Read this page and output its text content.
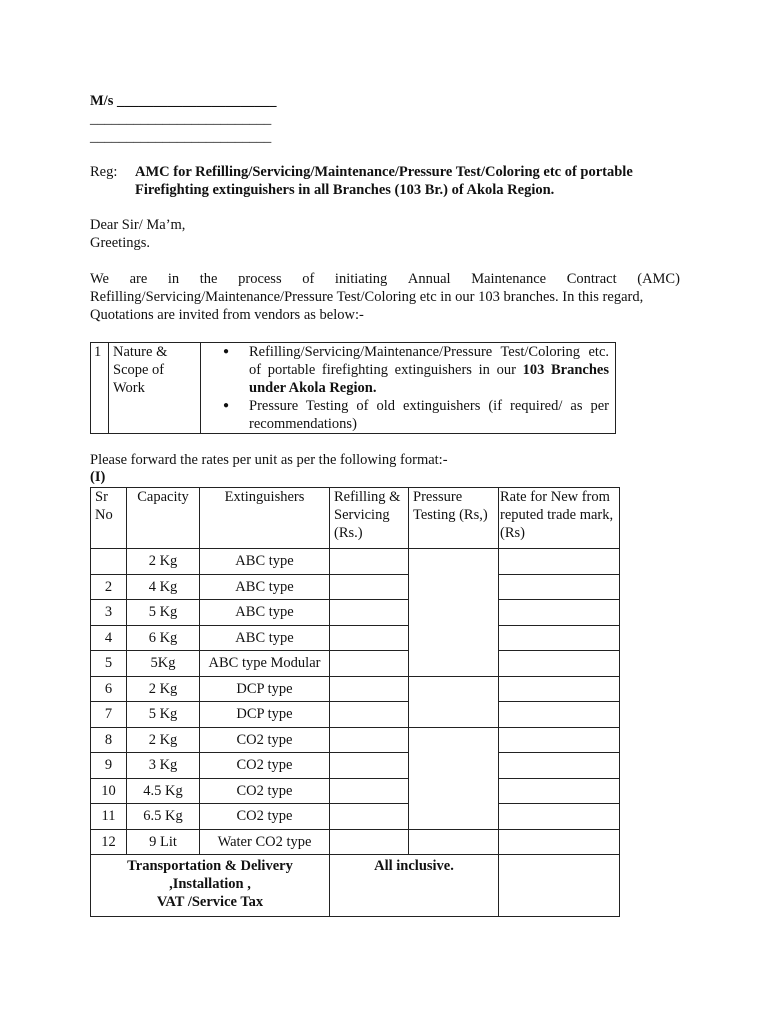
M/s ______________________
_________________________
_________________________
Reg: AMC for Refilling/Servicing/Maintenance/Pressure Test/Coloring etc of portable
Firefighting extinguishers in all Branches (103 Br.) of Akola Region.
Dear Sir/ Ma’m,
Greetings.
We are in the process of initiating Annual Maintenance Contract (AMC)
Refilling/Servicing/Maintenance/Pressure Test/Coloring etc in our 103 branches. In this regard,
Quotations are invited from vendors as below:-
1	Nature & Scope of Work	
● Refilling/Servicing/Maintenance/Pressure Test/Coloring etc. of portable firefighting extinguishers in our 103 Branches under Akola Region.
● Pressure Testing of old extinguishers (if required/ as per recommendations)
Please forward the rates per unit as per the following format:-
(I)
Sr No	Capacity	Extinguishers	Refilling & Servicing (Rs.)	Pressure Testing (Rs,)	Rate for New from reputed trade mark, (Rs)
	2 Kg	ABC type			
2	4 Kg	ABC type			
3	5 Kg	ABC type			
4	6 Kg	ABC type			
5	5Kg	ABC type Modular			
6	2 Kg	DCP type			
7	5 Kg	DCP type			
8	2 Kg	CO2 type			
9	3 Kg	CO2 type			
10	4.5 Kg	CO2 type			
11	6.5 Kg	CO2 type			
12	9 Lit	Water CO2 type			

Transportation & Delivery
,Installation ,
VAT /Service Tax			All inclusive.		
